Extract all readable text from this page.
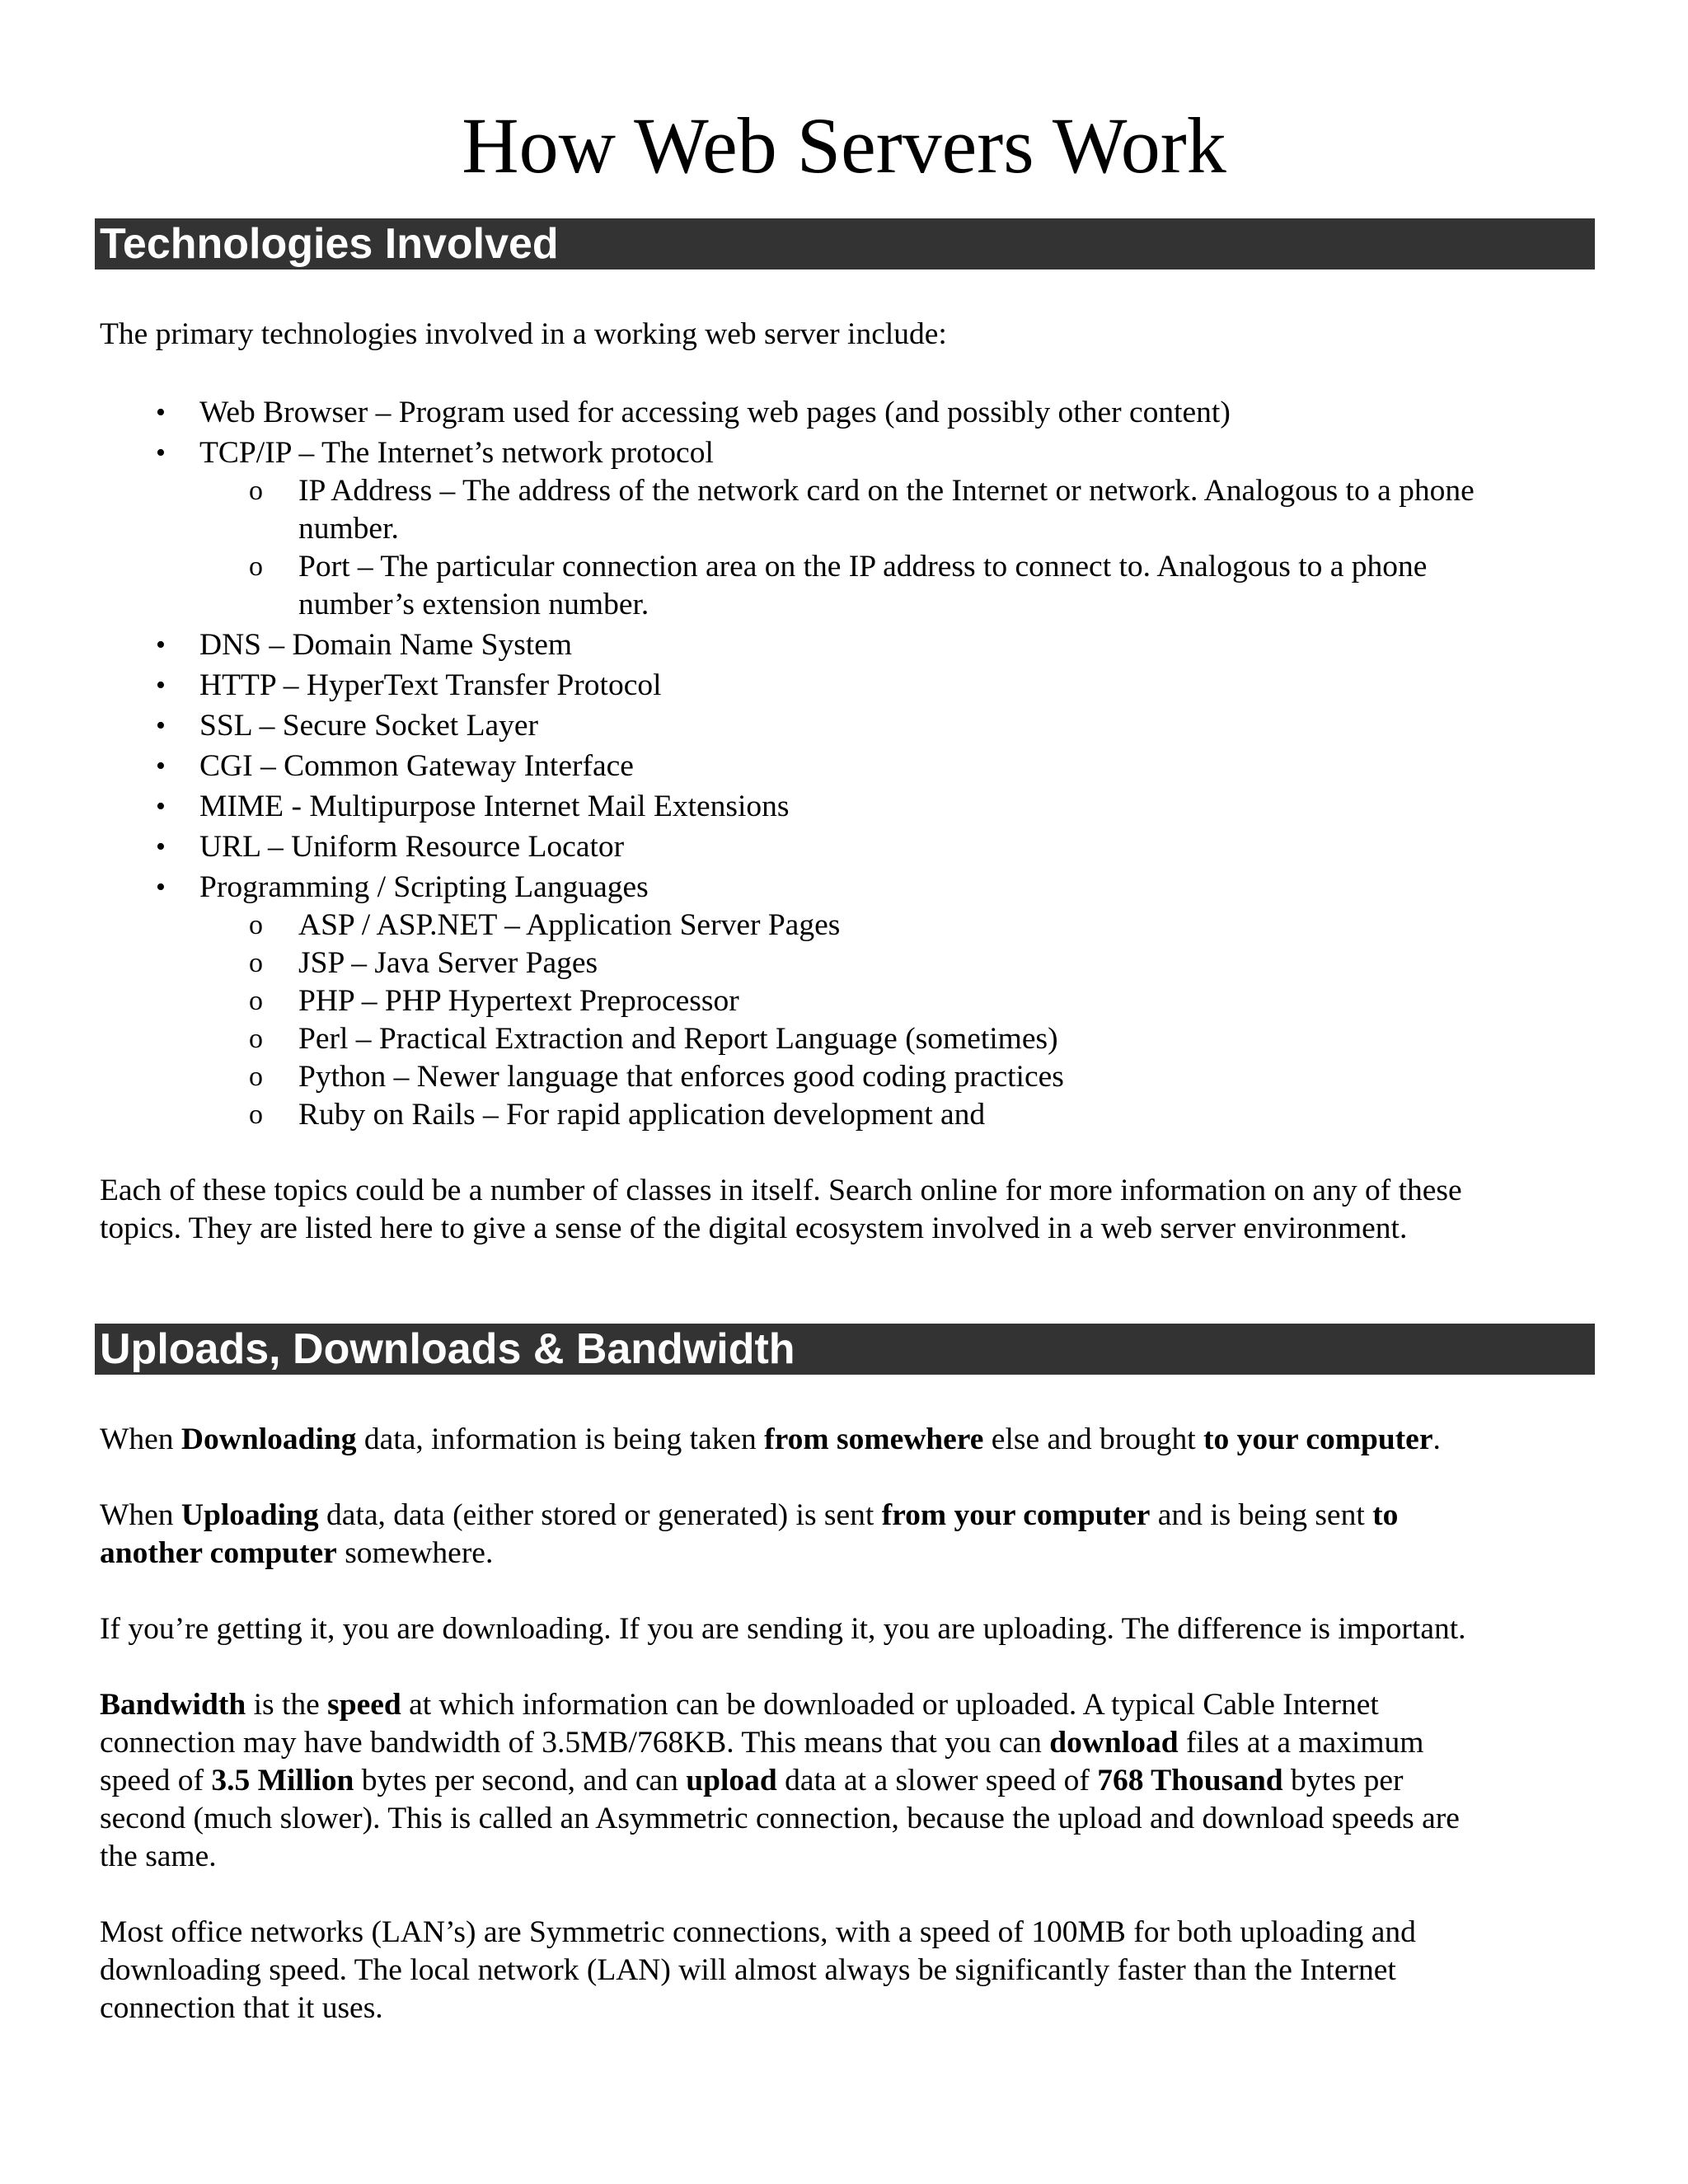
How Web Servers Work
Technologies Involved

The primary technologies involved in a working web server include:

• Web Browser – Program used for accessing web pages (and possibly other content)
• TCP/IP – The Internet’s network protocol
o IP Address – The address of the network card on the Internet or network. Analogous to a phone
number.
o Port – The particular connection area on the IP address to connect to. Analogous to a phone
number’s extension number.
• DNS – Domain Name System
• HTTP – HyperText Transfer Protocol
• SSL – Secure Socket Layer
• CGI – Common Gateway Interface
• MIME - Multipurpose Internet Mail Extensions
• URL – Uniform Resource Locator
• Programming / Scripting Languages
o ASP / ASP.NET – Application Server Pages
o JSP – Java Server Pages
o PHP – PHP Hypertext Preprocessor
o Perl – Practical Extraction and Report Language (sometimes)
o Python – Newer language that enforces good coding practices
o Ruby on Rails – For rapid application development and

Each of these topics could be a number of classes in itself. Search online for more information on any of these

topics. They are listed here to give a sense of the digital ecosystem involved in a web server environment.

Uploads, Downloads & Bandwidth

When Downloading data, information is being taken from somewhere else and brought to your computer.

When Uploading data, data (either stored or generated) is sent from your computer and is being sent to

another computer somewhere.

If you’re getting it, you are downloading. If you are sending it, you are uploading. The difference is important.

Bandwidth is the speed at which information can be downloaded or uploaded. A typical Cable Internet

connection may have bandwidth of 3.5MB/768KB. This means that you can download files at a maximum

speed of 3.5 Million bytes per second, and can upload data at a slower speed of 768 Thousand bytes per

second (much slower). This is called an Asymmetric connection, because the upload and download speeds are

the same.

Most office networks (LAN’s) are Symmetric connections, with a speed of 100MB for both uploading and

downloading speed. The local network (LAN) will almost always be significantly faster than the Internet

connection that it uses.
